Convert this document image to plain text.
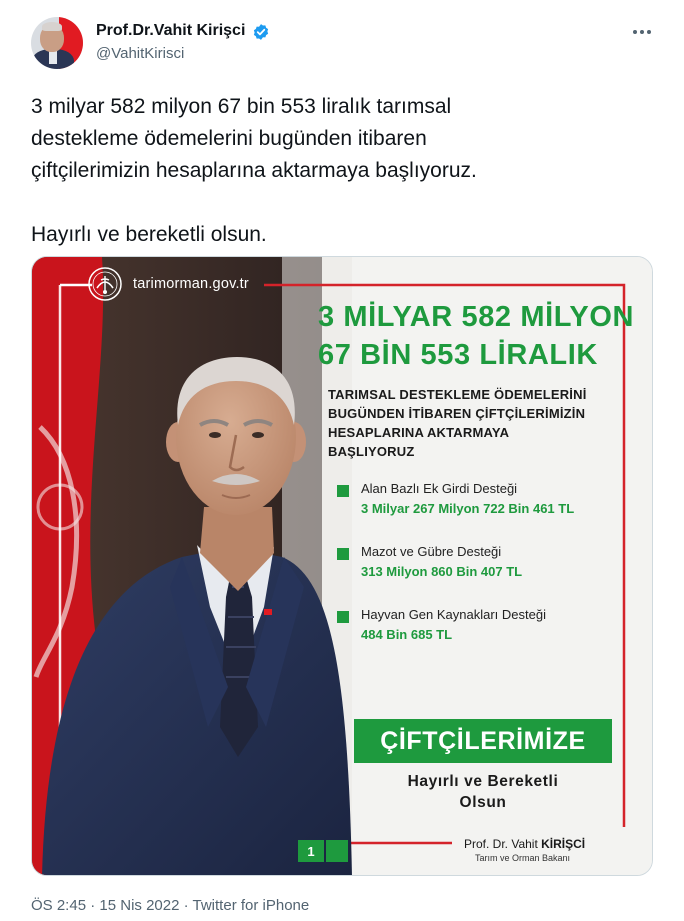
Prof.Dr.Vahit Kirişci
@VahitKirisci

3 milyar 582 milyon 67 bin 553 liralık tarımsal

destekleme ödemelerini bugünden itibaren

çiftçilerimizin hesaplarına aktarmaya başlıyoruz.

Hayırlı ve bereketli olsun.

tarimorman.gov.tr
3 MİLYAR 582 MİLYON
67 BİN 553 LİRALIK
TARIMSAL DESTEKLEME ÖDEMELERİNİ
BUGÜNDEN İTİBAREN ÇİFTÇİLERİMİZİN
HESAPLARINA AKTARMAYA
BAŞLIYORUZ
Alan Bazlı Ek Girdi Desteği
3 Milyar 267 Milyon 722 Bin 461 TL
Mazot ve Gübre Desteği
313 Milyon 860 Bin 407 TL
Hayvan Gen Kaynakları Desteği
484 Bin 685 TL
ÇİFTÇİLERİMİZE
Hayırlı ve Bereketli
Olsun
1	Prof. Dr. Vahit KİRİŞCİ
Tarım ve Orman Bakanı
ÖS 2:45 · 15 Nis 2022 · Twitter for iPhone
